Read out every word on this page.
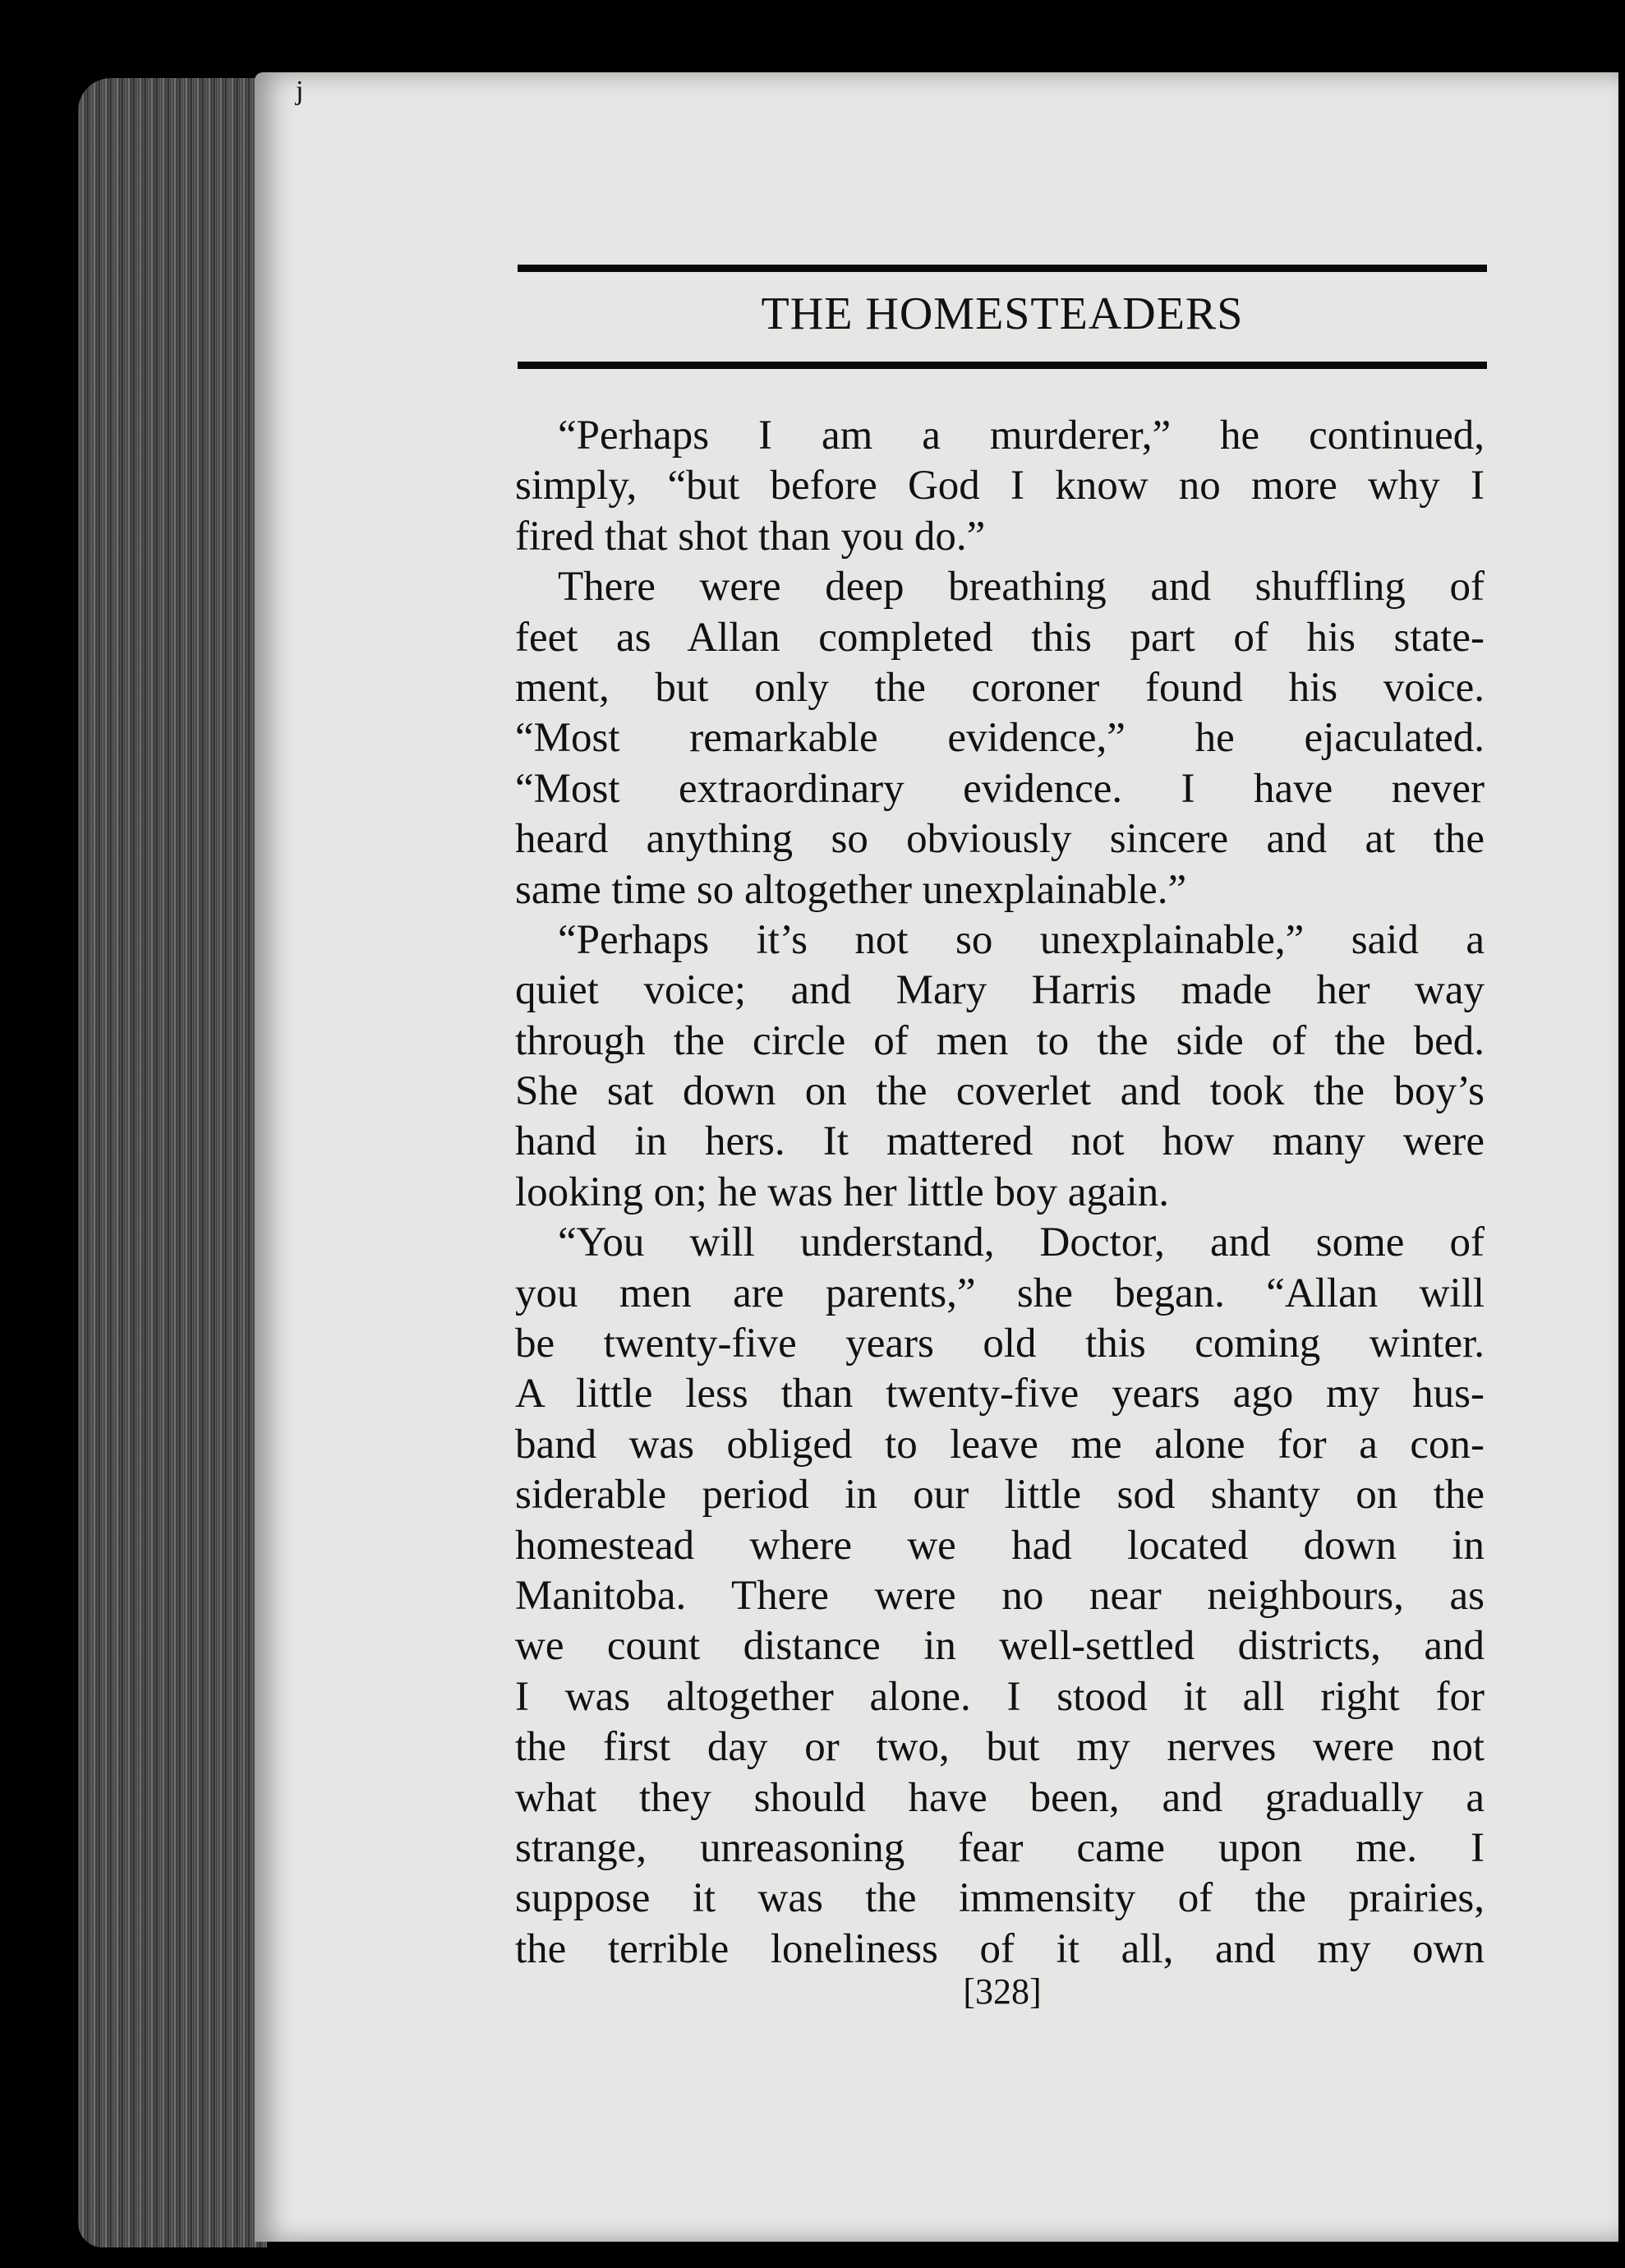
j
THE HOMESTEADERS
“Perhaps I am a murderer,” he continued,
simply, “but before God I know no more why I
fired that shot than you do.”
There were deep breathing and shuffling of
feet as Allan completed this part of his state-
ment, but only the coroner found his voice.
“Most remarkable evidence,” he ejaculated.
“Most extraordinary evidence. I have never
heard anything so obviously sincere and at the
same time so altogether unexplainable.”
“Perhaps it’s not so unexplainable,” said a
quiet voice; and Mary Harris made her way
through the circle of men to the side of the bed.
She sat down on the coverlet and took the boy’s
hand in hers. It mattered not how many were
looking on; he was her little boy again.
“You will understand, Doctor, and some of
you men are parents,” she began. “Allan will
be twenty-five years old this coming winter.
A little less than twenty-five years ago my hus-
band was obliged to leave me alone for a con-
siderable period in our little sod shanty on the
homestead where we had located down in
Manitoba. There were no near neighbours, as
we count distance in well-settled districts, and
I was altogether alone. I stood it all right for
the first day or two, but my nerves were not
what they should have been, and gradually a
strange, unreasoning fear came upon me. I
suppose it was the immensity of the prairies,
the terrible loneliness of it all, and my own
[328]
